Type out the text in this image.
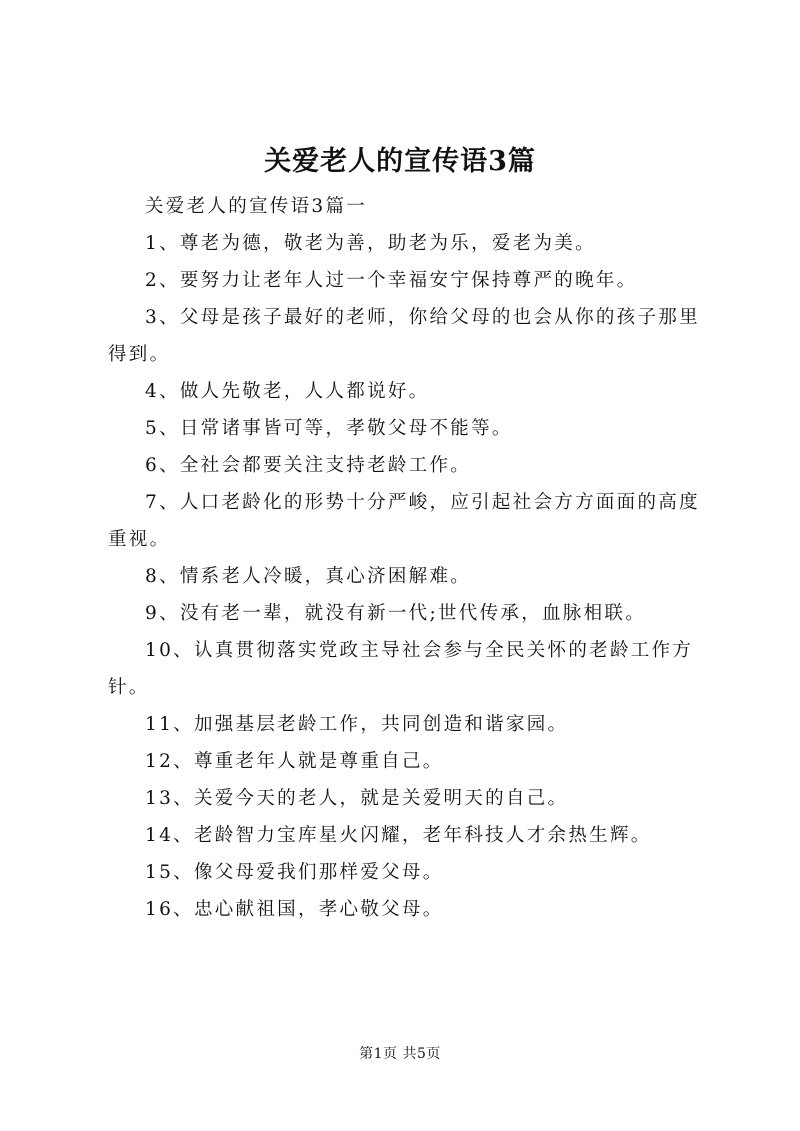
关爱老人的宣传语3篇

关爱老人的宣传语3篇一

1、尊老为德，敬老为善，助老为乐，爱老为美。

2、要努力让老年人过一个幸福安宁保持尊严的晚年。

3、父母是孩子最好的老师，你给父母的也会从你的孩子那里得到。

4、做人先敬老，人人都说好。

5、日常诸事皆可等，孝敬父母不能等。

6、全社会都要关注支持老龄工作。

7、人口老龄化的形势十分严峻，应引起社会方方面面的高度重视。

8、情系老人冷暖，真心济困解难。

9、没有老一辈，就没有新一代;世代传承，血脉相联。

10、认真贯彻落实党政主导社会参与全民关怀的老龄工作方针。

11、加强基层老龄工作，共同创造和谐家园。

12、尊重老年人就是尊重自己。

13、关爱今天的老人，就是关爱明天的自己。

14、老龄智力宝库星火闪耀，老年科技人才余热生辉。

15、像父母爱我们那样爱父母。

16、忠心献祖国，孝心敬父母。

第1页 共5页
